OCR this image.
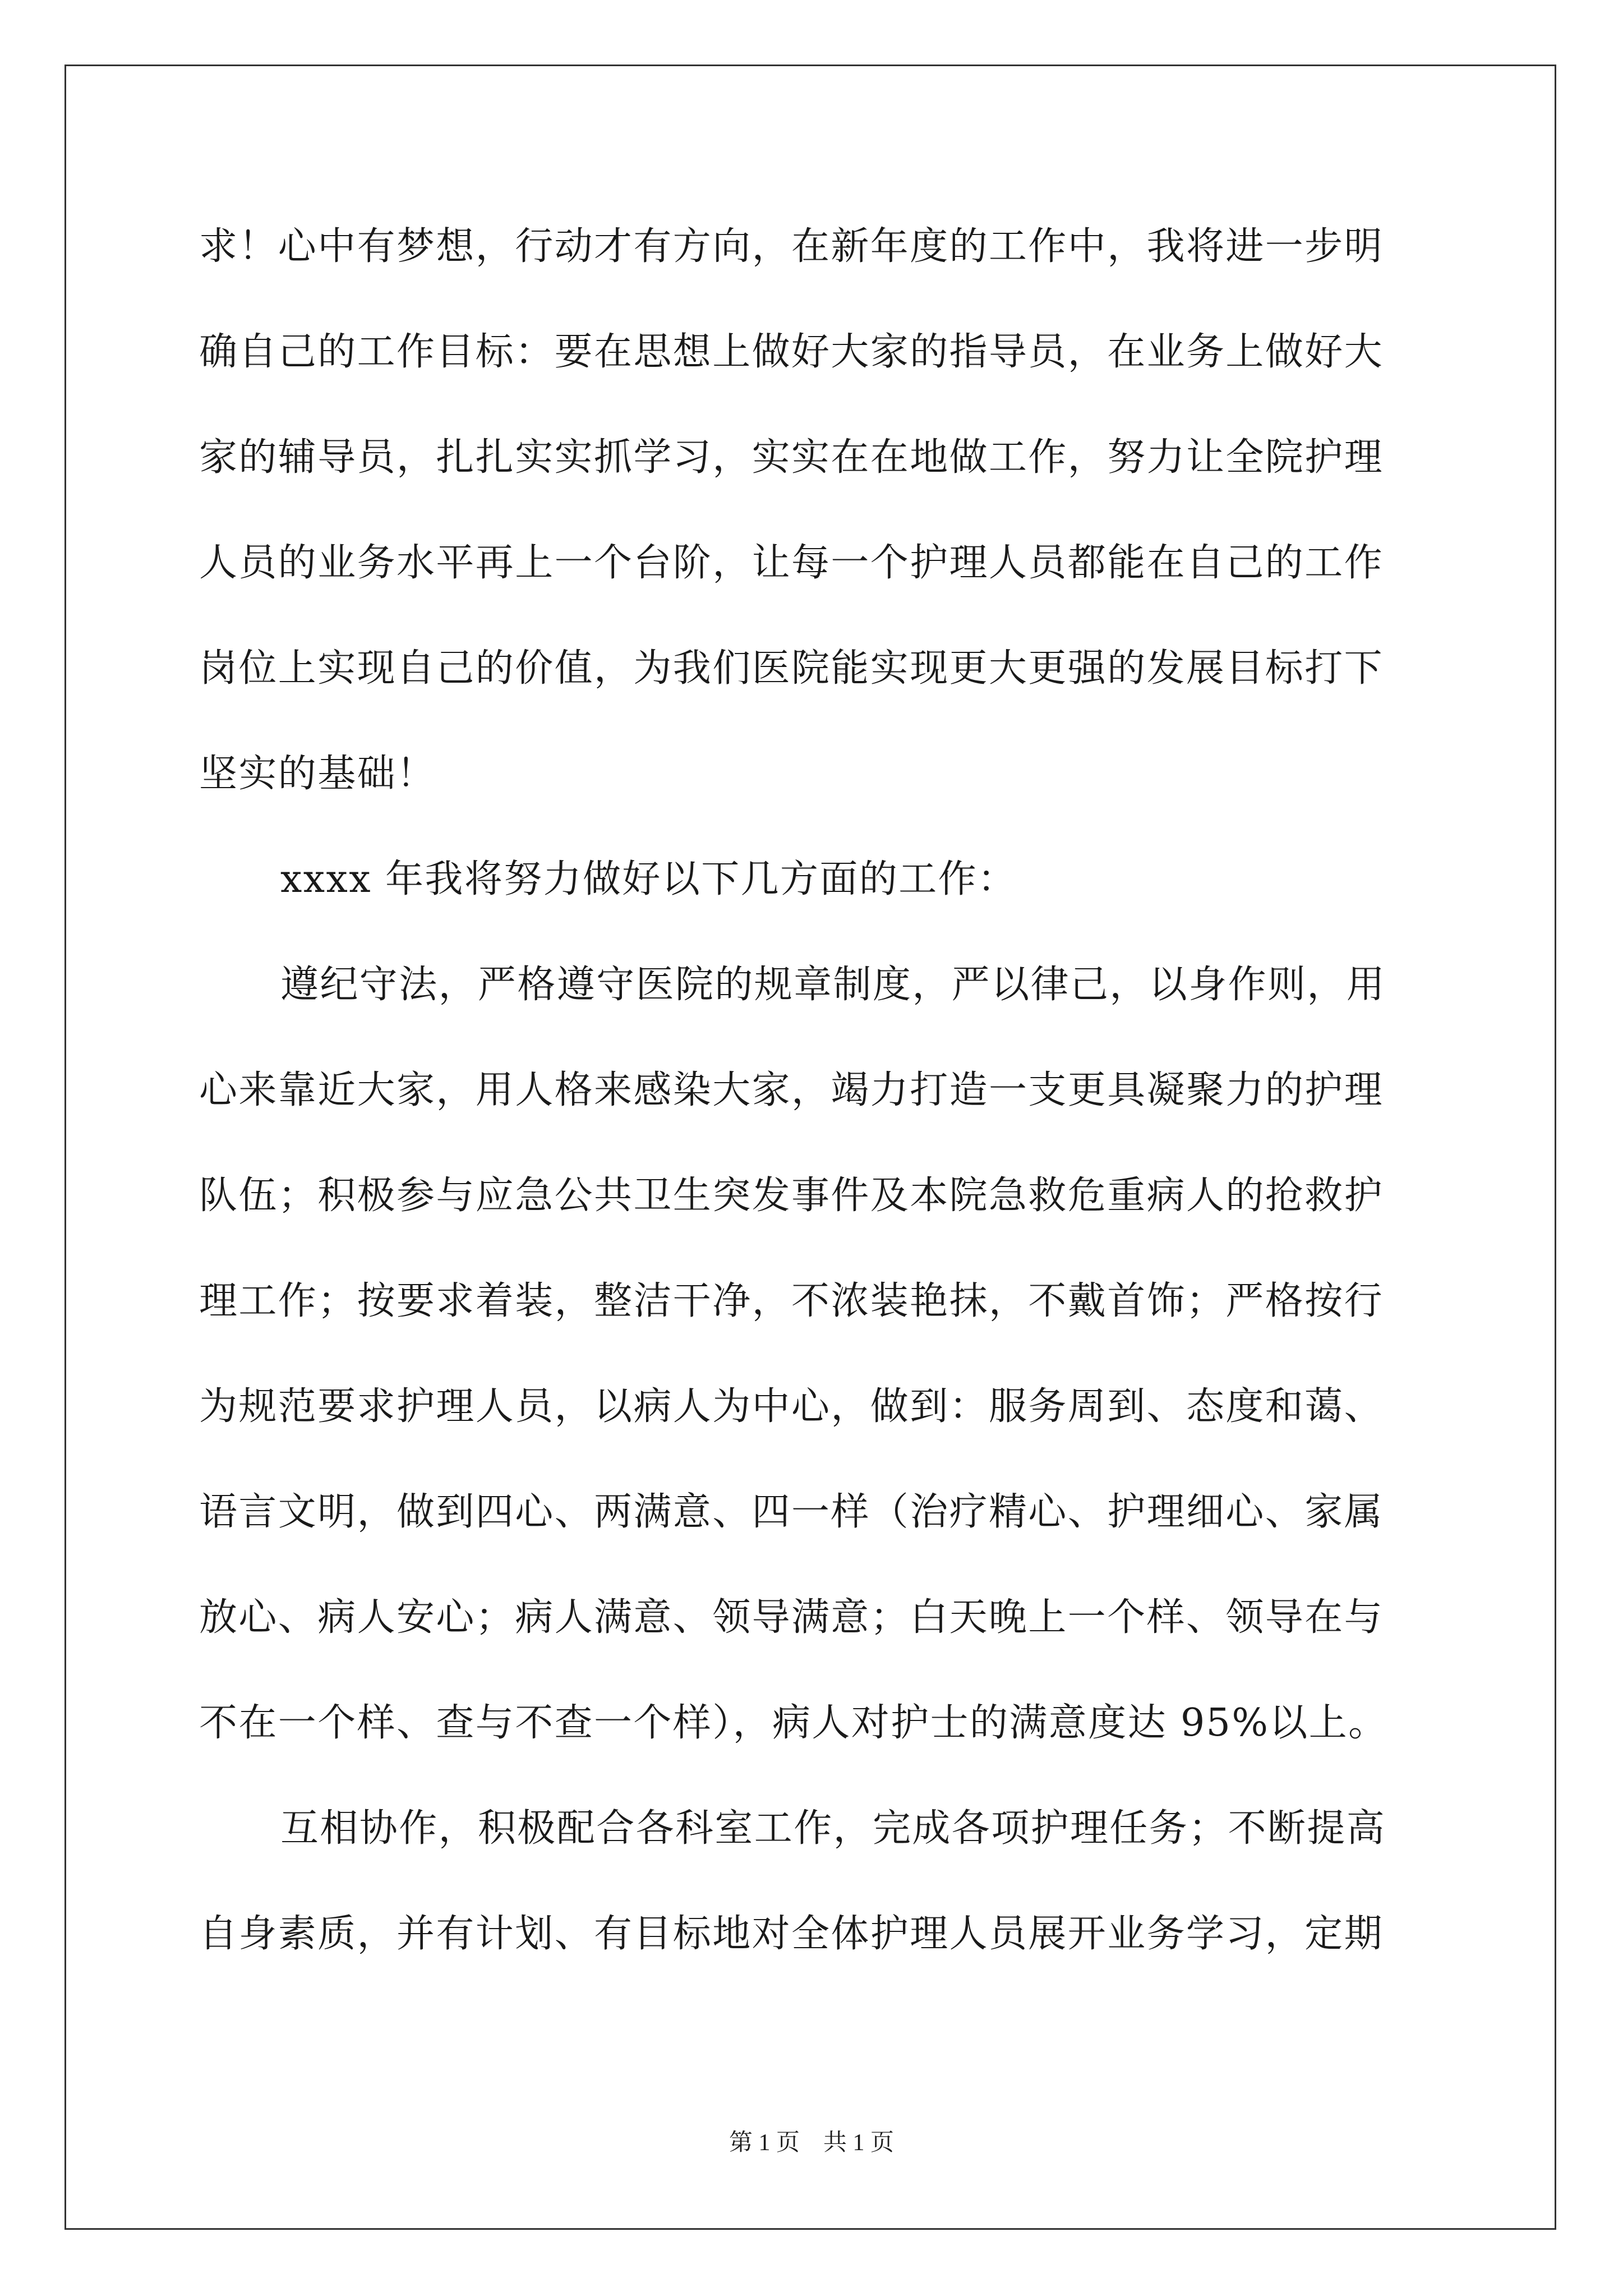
求！心中有梦想，行动才有方向，在新年度的工作中，我将进一步明
确自己的工作目标：要在思想上做好大家的指导员，在业务上做好大
家的辅导员，扎扎实实抓学习，实实在在地做工作，努力让全院护理
人员的业务水平再上一个台阶，让每一个护理人员都能在自己的工作
岗位上实现自己的价值，为我们医院能实现更大更强的发展目标打下
坚实的基础！
xxxx 年我将努力做好以下几方面的工作：
遵纪守法，严格遵守医院的规章制度，严以律己，以身作则，用
心来靠近大家，用人格来感染大家，竭力打造一支更具凝聚力的护理
队伍；积极参与应急公共卫生突发事件及本院急救危重病人的抢救护
理工作；按要求着装，整洁干净，不浓装艳抹，不戴首饰；严格按行
为规范要求护理人员，以病人为中心，做到：服务周到、态度和蔼、
语言文明，做到四心、两满意、四一样（治疗精心、护理细心、家属
放心、病人安心；病人满意、领导满意；白天晚上一个样、领导在与
不在一个样、查与不查一个样），病人对护士的满意度达 95%以上。
互相协作，积极配合各科室工作，完成各项护理任务；不断提高
自身素质，并有计划、有目标地对全体护理人员展开业务学习，定期
第 1 页　共 1 页
